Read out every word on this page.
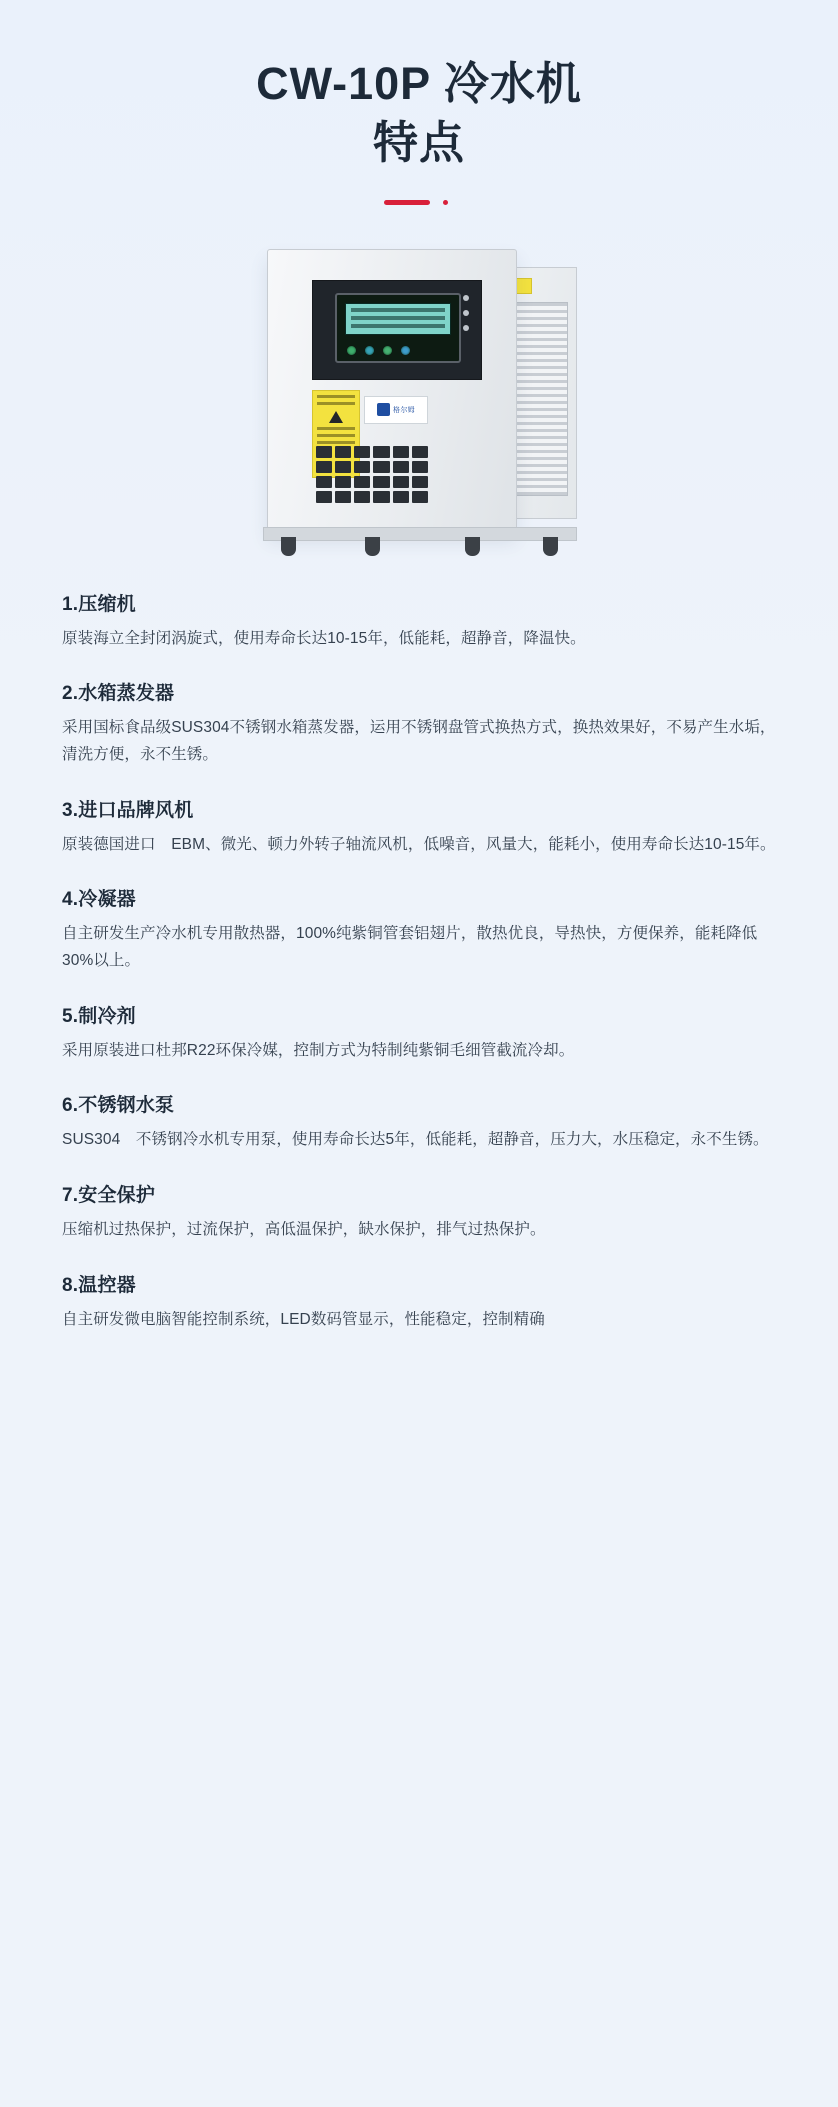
CW-10P 冷水机
特点
格尔姆
1.压缩机

原装海立全封闭涡旋式，使用寿命长达10-15年，低能耗，超静音，降温快。

2.水箱蒸发器

采用国标食品级SUS304不锈钢水箱蒸发器，运用不锈钢盘管式换热方式，换热效果好，不易产生水垢，清洗方便，永不生锈。

3.进口品牌风机

原装德国进口　EBM、微光、顿力外转子轴流风机，低噪音，风量大，能耗小，使用寿命长达10-15年。

4.冷凝器

自主研发生产冷水机专用散热器，100%纯紫铜管套铝翅片，散热优良，导热快，方便保养，能耗降低30%以上。

5.制冷剂

采用原装进口杜邦R22环保冷媒，控制方式为特制纯紫铜毛细管截流冷却。

6.不锈钢水泵

SUS304　不锈钢冷水机专用泵，使用寿命长达5年，低能耗，超静音，压力大，水压稳定，永不生锈。

7.安全保护

压缩机过热保护，过流保护，高低温保护，缺水保护，排气过热保护。

8.温控器

自主研发微电脑智能控制系统，LED数码管显示，性能稳定，控制精确
